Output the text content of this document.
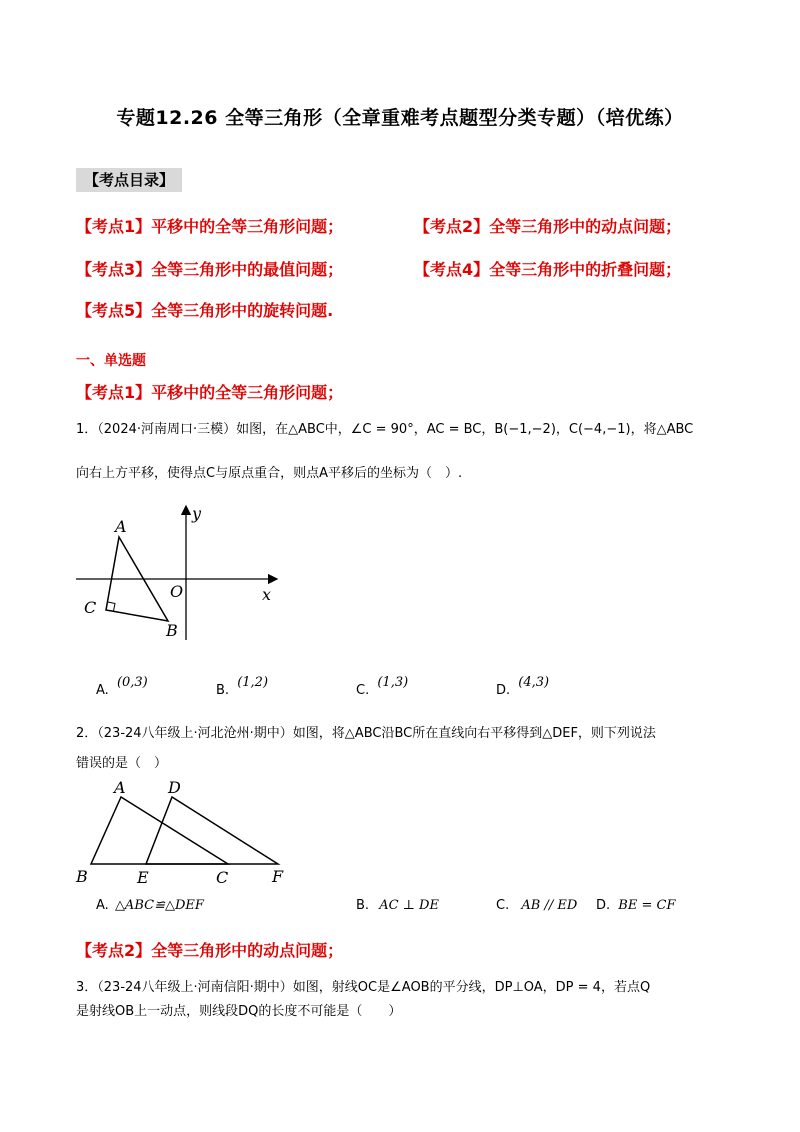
专题12.26 全等三角形（全章重难考点题型分类专题）（培优练）
【考点目录】
【考点1】平移中的全等三角形问题；	【考点2】全等三角形中的动点问题；
【考点3】全等三角形中的最值问题；	【考点4】全等三角形中的折叠问题；
【考点5】全等三角形中的旋转问题.
一、单选题
【考点1】平移中的全等三角形问题；
1．（2024·河南周口·三模）如图，在△ABC中，∠C = 90°，AC = BC，B(−1,−2)，C(−4,−1)，将△ABC
向右上方平移，使得点C与原点重合，则点A平移后的坐标为（　）.
A
C
B
O	x
y
A. (0,3)
B. (1,2)
C. (1,3)
D. (4,3)
2．（23-24八年级上·河北沧州·期中）如图，将△ABC沿BC所在直线向右平移得到△DEF，则下列说法
错误的是（　）
A	D
B	E	C	F
A. △ABC≌△DEF	B. AC ⊥ DE	C. AB // ED D. BE = CF
【考点2】全等三角形中的动点问题；
3．（23-24八年级上·河南信阳·期中）如图，射线OC是∠AOB的平分线，DP⊥OA，DP = 4，若点Q
是射线OB上一动点，则线段DQ的长度不可能是（　　）
